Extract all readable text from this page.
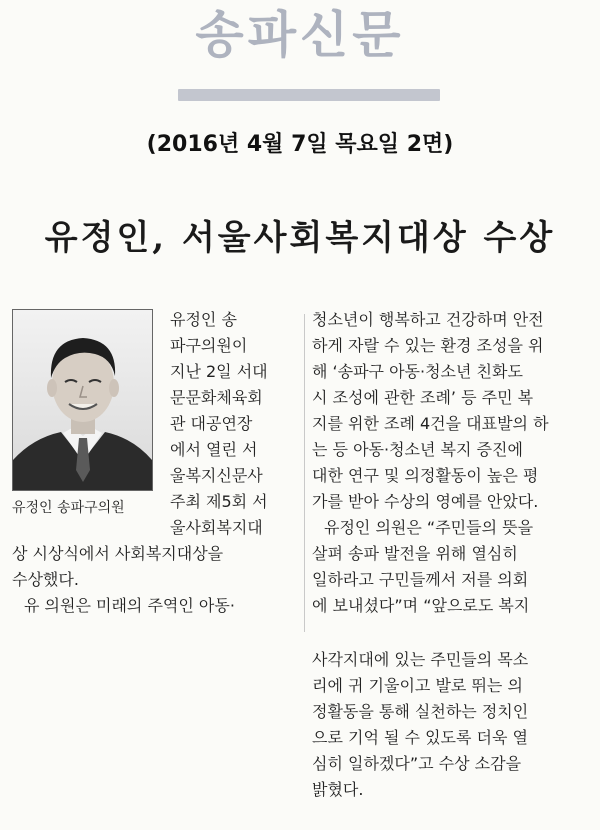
송파신문
(2016년 4월 7일 목요일 2면)
유정인, 서울사회복지대상 수상
유정인 송파구의원
유정인 송
파구의원이
지난 2일 서대
문문화체육회
관 대공연장
에서 열린 서
울복지신문사
주최 제5회 서
울사회복지대
상 시상식에서 사회복지대상을
수상했다.
유 의원은 미래의 주역인 아동·
청소년이 행복하고 건강하며 안전
하게 자랄 수 있는 환경 조성을 위
해 ‘송파구 아동·청소년 친화도
시 조성에 관한 조례’ 등 주민 복
지를 위한 조례 4건을 대표발의 하
는 등 아동·청소년 복지 증진에
대한 연구 및 의정활동이 높은 평
가를 받아 수상의 영예를 안았다.
유정인 의원은 “주민들의 뜻을
살펴 송파 발전을 위해 열심히
일하라고 구민들께서 저를 의회
에 보내셨다”며 “앞으로도 복지
사각지대에 있는 주민들의 목소
리에 귀 기울이고 발로 뛰는 의
정활동을 통해 실천하는 정치인
으로 기억 될 수 있도록 더욱 열
심히 일하겠다”고 수상 소감을
밝혔다.
